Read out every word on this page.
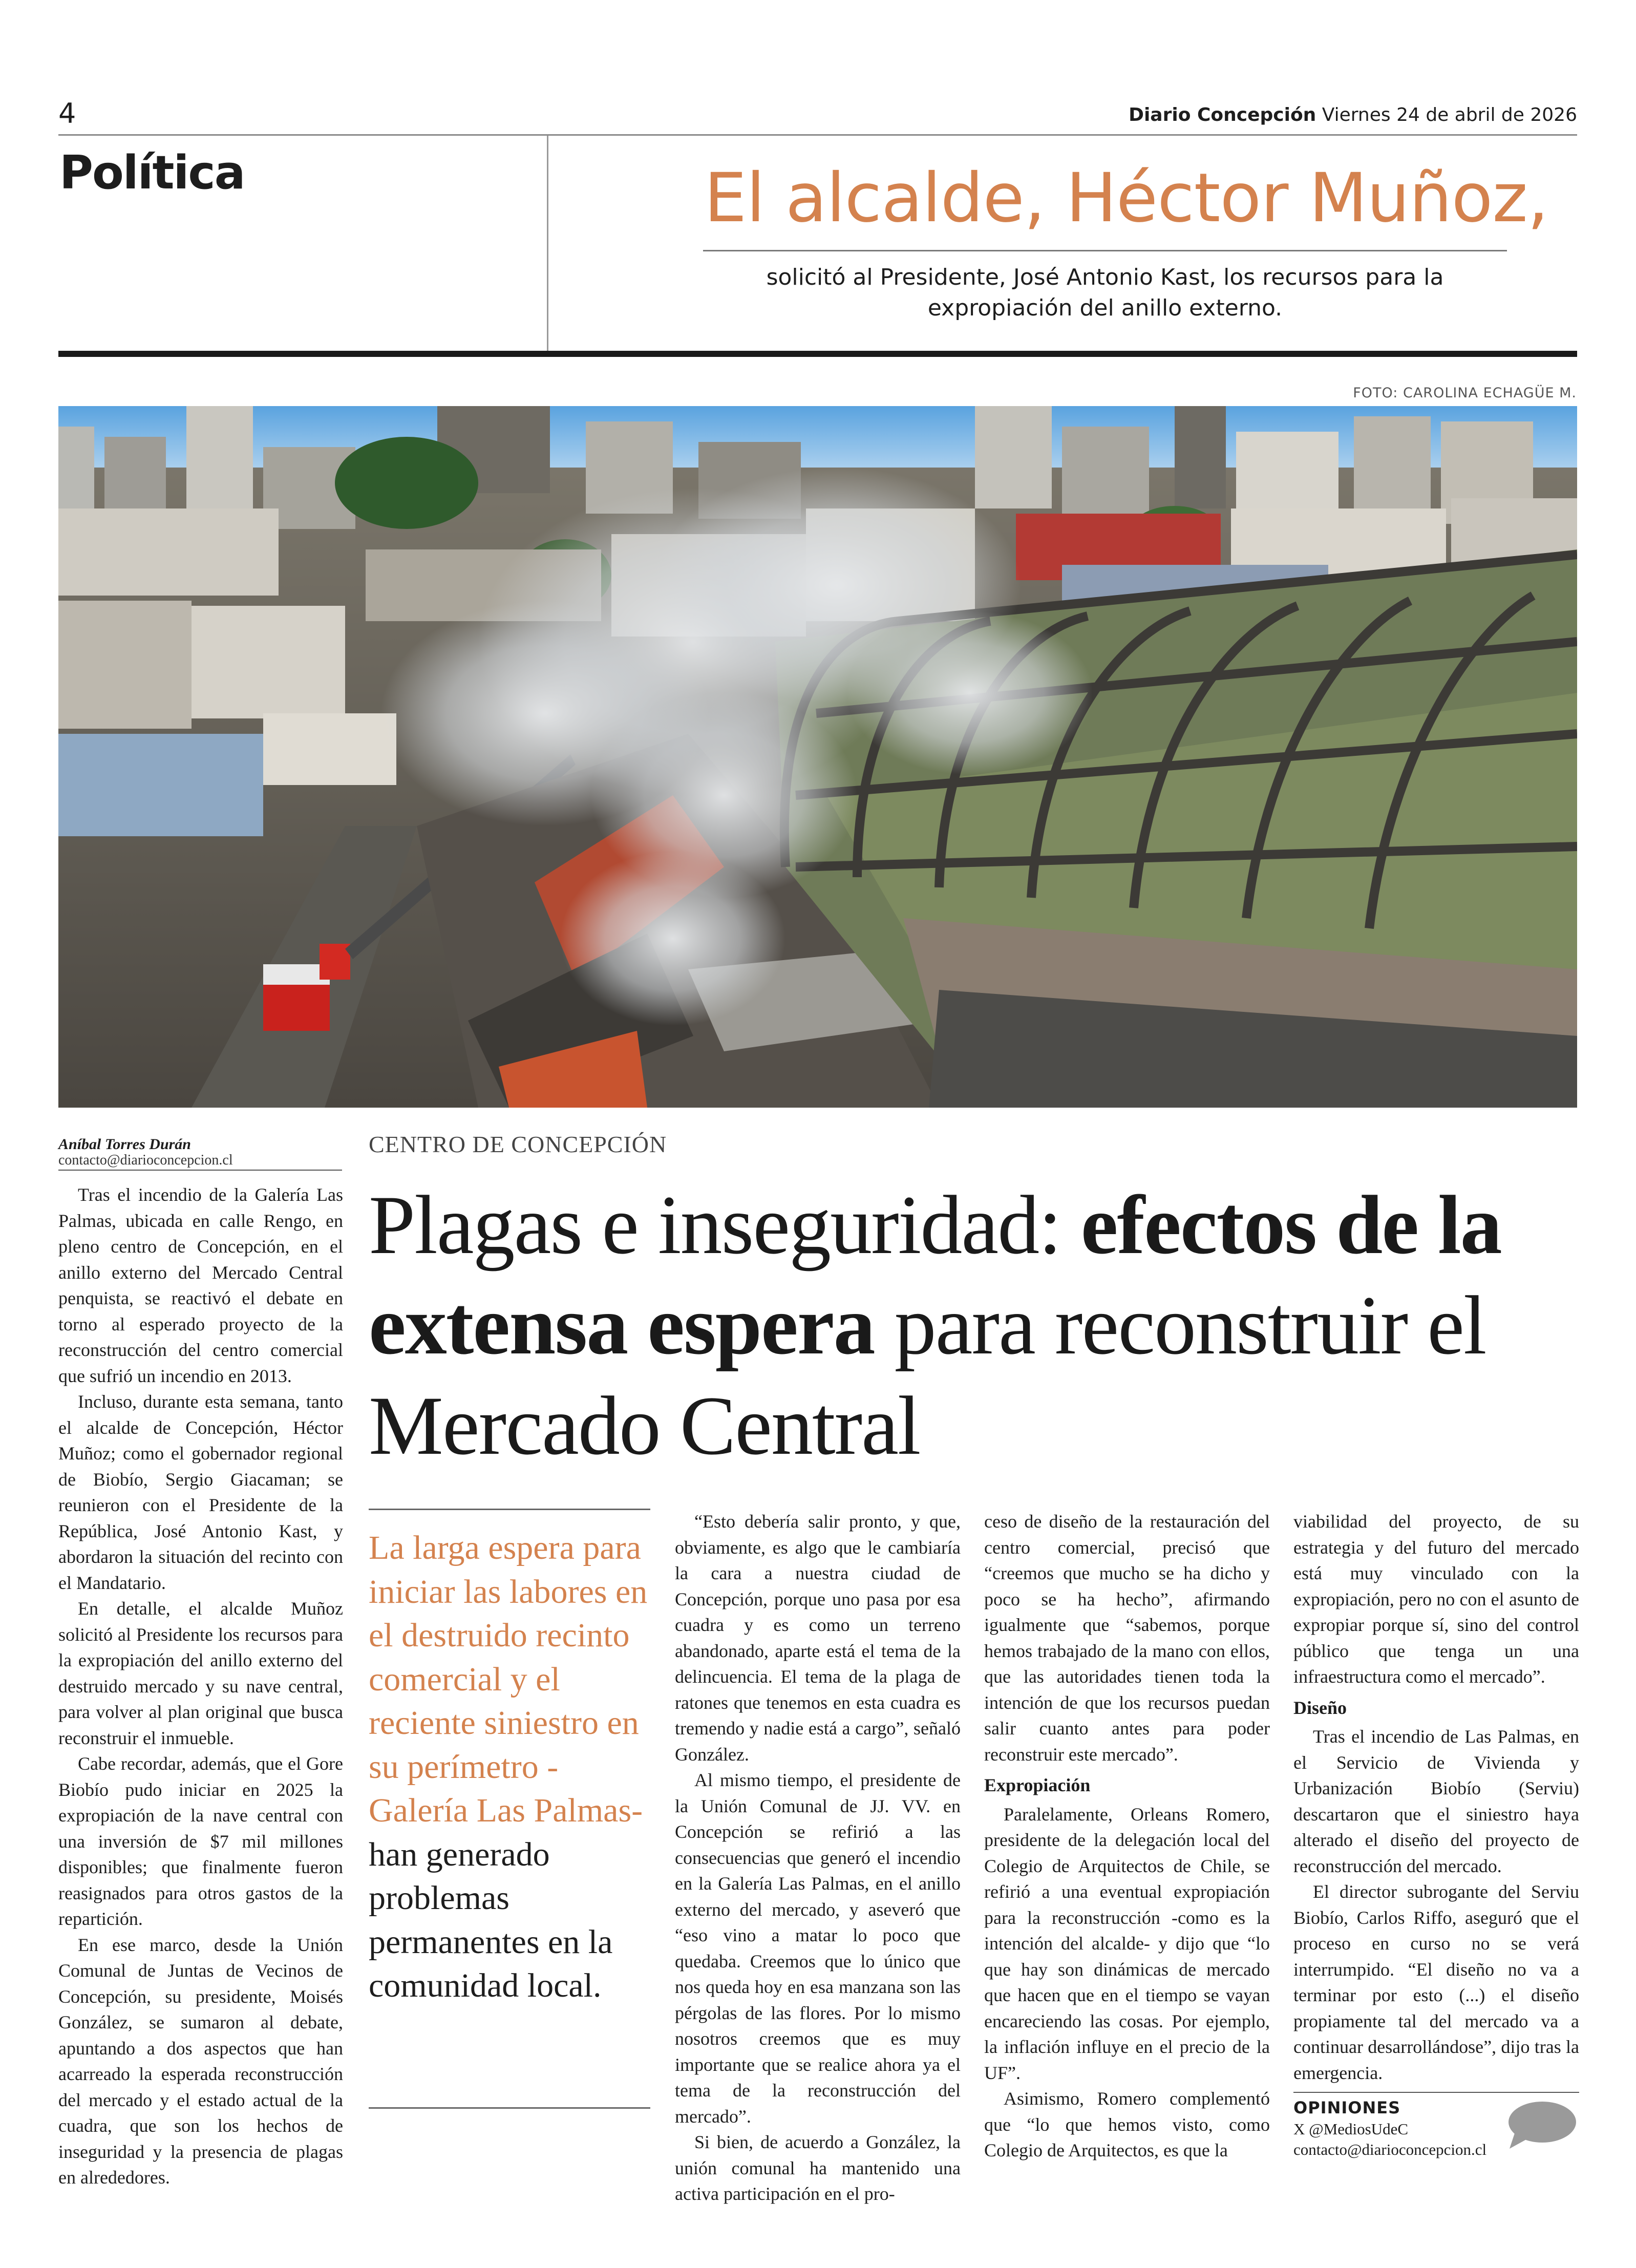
4	Diario Concepción Viernes 24 de abril de 2026
Política	El alcalde, Héctor Muñoz,
solicitó al Presidente, José Antonio Kast, los recursos para la expropiación del anillo externo.
FOTO: CAROLINA ECHAGÜE M.
Aníbal Torres Durán
contacto@diarioconcepcion.cl
CENTRO DE CONCEPCIÓN
Plagas e inseguridad: efectos de la extensa espera para reconstruir el Mercado Central

Tras el incendio de la Galería Las Palmas, ubicada en calle Rengo, en pleno centro de Concepción, en el anillo externo del Mercado Central penquista, se reactivó el debate en torno al esperado proyecto de la reconstrucción del centro comercial que sufrió un incendio en 2013.

Incluso, durante esta semana, tanto el alcalde de Concepción, Héctor Muñoz; como el gobernador regional de Biobío, Sergio Giacaman; se reunieron con el Presidente de la República, José Antonio Kast, y abordaron la situación del recinto con el Mandatario.

En detalle, el alcalde Muñoz solicitó al Presidente los recursos para la expropiación del anillo externo del destruido mercado y su nave central, para volver al plan original que busca reconstruir el inmueble.

Cabe recordar, además, que el Gore Biobío pudo iniciar en 2025 la expropiación de la nave central con una inversión de $7 mil millones disponibles; que finalmente fueron reasignados para otros gastos de la repartición.

En ese marco, desde la Unión Comunal de Juntas de Vecinos de Concepción, su presidente, Moisés González, se sumaron al debate, apuntando a dos aspectos que han acarreado la esperada reconstrucción del mercado y el estado actual de la cuadra, que son los hechos de inseguridad y la presencia de plagas en alrededores.

La larga espera para iniciar las labores en el destruido recinto comercial y el reciente siniestro en su perímetro -Galería Las Palmas- han generado problemas permanentes en la comunidad local.

“Esto debería salir pronto, y que, obviamente, es algo que le cambiaría la cara a nuestra ciudad de Concepción, porque uno pasa por esa cuadra y es como un terreno abandonado, aparte está el tema de la delincuencia. El tema de la plaga de ratones que tenemos en esta cuadra es tremendo y nadie está a cargo”, señaló González.

Al mismo tiempo, el presidente de la Unión Comunal de JJ. VV. en Concepción se refirió a las consecuencias que generó el incendio en la Galería Las Palmas, en el anillo externo del mercado, y aseveró que “eso vino a matar lo poco que quedaba. Creemos que lo único que nos queda hoy en esa manzana son las pérgolas de las flores. Por lo mismo nosotros creemos que es muy importante que se realice ahora ya el tema de la reconstrucción del mercado”.

Si bien, de acuerdo a González, la unión comunal ha mantenido una activa participación en el pro-

ceso de diseño de la restauración del centro comercial, precisó que “creemos que mucho se ha dicho y poco se ha hecho”, afirmando igualmente que “sabemos, porque hemos trabajado de la mano con ellos, que las autoridades tienen toda la intención de que los recursos puedan salir cuanto antes para poder reconstruir este mercado”.

Expropiación

Paralelamente, Orleans Romero, presidente de la delegación local del Colegio de Arquitectos de Chile, se refirió a una eventual expropiación para la reconstrucción -como es la intención del alcalde- y dijo que “lo que hay son dinámicas de mercado que hacen que en el tiempo se vayan encareciendo las cosas. Por ejemplo, la inflación influye en el precio de la UF”.

Asimismo, Romero complementó que “lo que hemos visto, como Colegio de Arquitectos, es que la

viabilidad del proyecto, de su estrategia y del futuro del mercado está muy vinculado con la expropiación, pero no con el asunto de expropiar porque sí, sino del control público que tenga un una infraestructura como el mercado”.

Diseño

Tras el incendio de Las Palmas, en el Servicio de Vivienda y Urbanización Biobío (Serviu) descartaron que el siniestro haya alterado el diseño del proyecto de reconstrucción del mercado.

El director subrogante del Serviu Biobío, Carlos Riffo, aseguró que el proceso en curso no se verá interrumpido. “El diseño no va a terminar por esto (...) el diseño propiamente tal del mercado va a continuar desarrollándose”, dijo tras la emergencia.

OPINIONES
X @MediosUdeC
contacto@diarioconcepcion.cl
